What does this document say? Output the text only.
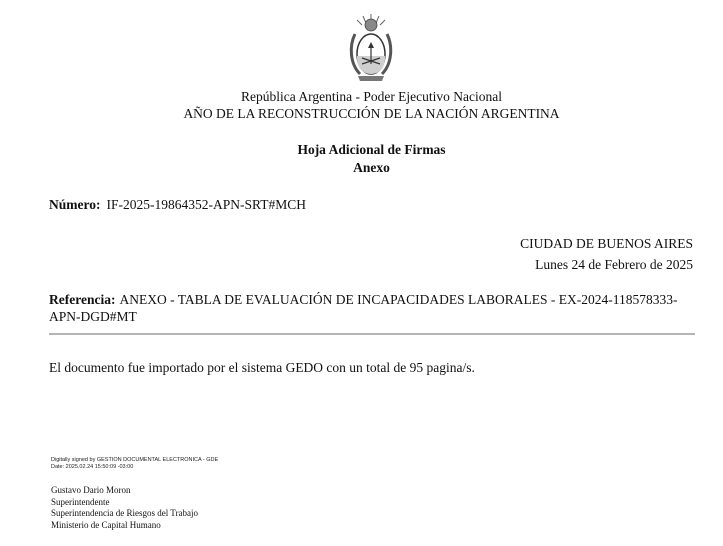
República Argentina - Poder Ejecutivo Nacional
AÑO DE LA RECONSTRUCCIÓN DE LA NACIÓN ARGENTINA
Hoja Adicional de Firmas
Anexo
Número: IF-2025-19864352-APN-SRT#MCH
CIUDAD DE BUENOS AIRES
Lunes 24 de Febrero de 2025
Referencia: ANEXO - TABLA DE EVALUACIÓN DE INCAPACIDADES LABORALES - EX-2024-118578333-APN-DGD#MT
El documento fue importado por el sistema GEDO con un total de 95 pagina/s.
Digitally signed by GESTION DOCUMENTAL ELECTRONICA - GDE
Date: 2025.02.24 15:50:09 -03:00
Gustavo Dario Moron
Superintendente
Superintendencia de Riesgos del Trabajo
Ministerio de Capital Humano
